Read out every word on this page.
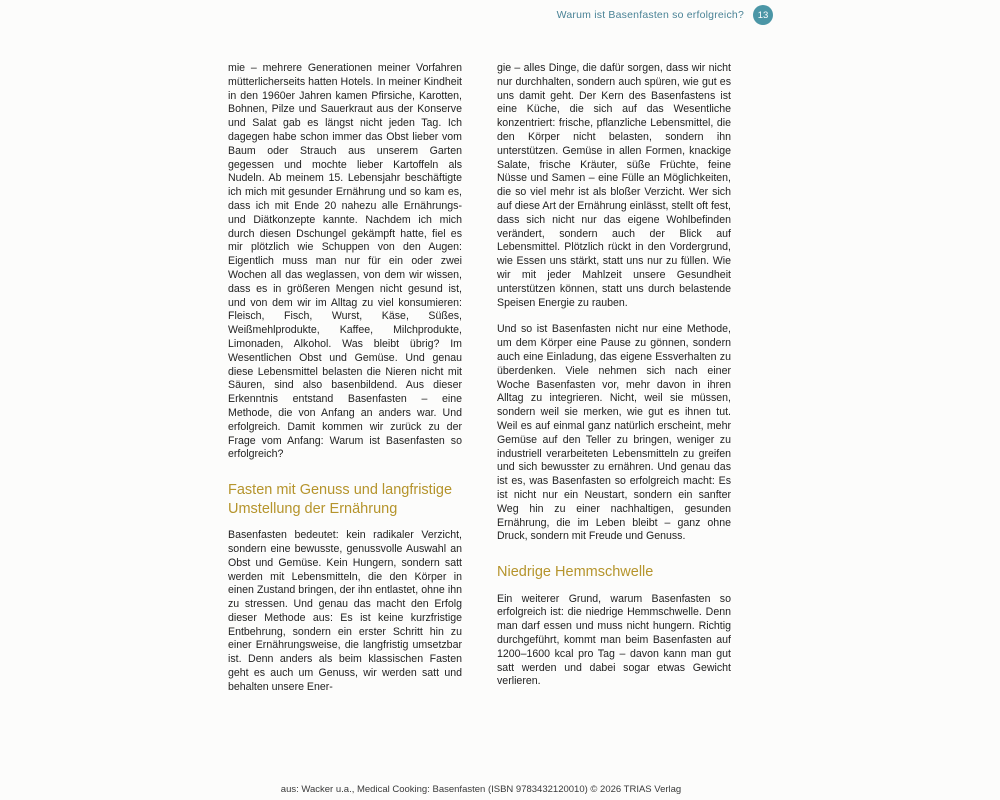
Warum ist Basenfasten so erfolgreich?	13

mie – mehrere Generationen meiner Vorfahren mütterlicherseits hatten Hotels. In meiner Kindheit in den 1960er Jahren kamen Pfirsiche, Karotten, Bohnen, Pilze und Sauerkraut aus der Konserve und Salat gab es längst nicht jeden Tag. Ich dagegen habe schon immer das Obst lieber vom Baum oder Strauch aus unserem Garten gegessen und mochte lieber Kartoffeln als Nudeln. Ab meinem 15. Lebensjahr beschäftigte ich mich mit gesunder Ernährung und so kam es, dass ich mit Ende 20 nahezu alle Ernährungs- und Diätkonzepte kannte. Nachdem ich mich durch diesen Dschungel gekämpft hatte, fiel es mir plötzlich wie Schuppen von den Augen: Eigentlich muss man nur für ein oder zwei Wochen all das weglassen, von dem wir wissen, dass es in größeren Mengen nicht gesund ist, und von dem wir im Alltag zu viel konsumieren: Fleisch, Fisch, Wurst, Käse, Süßes, Weißmehlprodukte, Kaffee, Milchprodukte, Limonaden, Alkohol. Was bleibt übrig? Im Wesentlichen Obst und Gemüse. Und genau diese Lebensmittel belasten die Nieren nicht mit Säuren, sind also basenbildend. Aus dieser Erkenntnis entstand Basenfasten – eine Methode, die von Anfang an anders war. Und erfolgreich. Damit kommen wir zurück zu der Frage vom Anfang: Warum ist Basenfasten so erfolgreich?

Fasten mit Genuss und langfristige Umstellung der Ernährung

Basenfasten bedeutet: kein radikaler Verzicht, sondern eine bewusste, genussvolle Auswahl an Obst und Gemüse. Kein Hungern, sondern satt werden mit Lebensmitteln, die den Körper in einen Zustand bringen, der ihn entlastet, ohne ihn zu stressen. Und genau das macht den Erfolg dieser Methode aus: Es ist keine kurzfristige Entbehrung, sondern ein erster Schritt hin zu einer Ernährungsweise, die langfristig umsetzbar ist. Denn anders als beim klassischen Fasten geht es auch um Genuss, wir werden satt und behalten unsere Ener-

gie – alles Dinge, die dafür sorgen, dass wir nicht nur durchhalten, sondern auch spüren, wie gut es uns damit geht. Der Kern des Basenfastens ist eine Küche, die sich auf das Wesentliche konzentriert: frische, pflanzliche Lebensmittel, die den Körper nicht belasten, sondern ihn unterstützen. Gemüse in allen Formen, knackige Salate, frische Kräuter, süße Früchte, feine Nüsse und Samen – eine Fülle an Möglichkeiten, die so viel mehr ist als bloßer Verzicht. Wer sich auf diese Art der Ernährung einlässt, stellt oft fest, dass sich nicht nur das eigene Wohlbefinden verändert, sondern auch der Blick auf Lebensmittel. Plötzlich rückt in den Vordergrund, wie Essen uns stärkt, statt uns nur zu füllen. Wie wir mit jeder Mahlzeit unsere Gesundheit unterstützen können, statt uns durch belastende Speisen Energie zu rauben.

Und so ist Basenfasten nicht nur eine Methode, um dem Körper eine Pause zu gönnen, sondern auch eine Einladung, das eigene Essverhalten zu überdenken. Viele nehmen sich nach einer Woche Basenfasten vor, mehr davon in ihren Alltag zu integrieren. Nicht, weil sie müssen, sondern weil sie merken, wie gut es ihnen tut. Weil es auf einmal ganz natürlich erscheint, mehr Gemüse auf den Teller zu bringen, weniger zu industriell verarbeiteten Lebensmitteln zu greifen und sich bewusster zu ernähren. Und genau das ist es, was Basenfasten so erfolgreich macht: Es ist nicht nur ein Neustart, sondern ein sanfter Weg hin zu einer nachhaltigen, gesunden Ernährung, die im Leben bleibt – ganz ohne Druck, sondern mit Freude und Genuss.

Niedrige Hemmschwelle

Ein weiterer Grund, warum Basenfasten so erfolgreich ist: die niedrige Hemmschwelle. Denn man darf essen und muss nicht hungern. Richtig durchgeführt, kommt man beim Basenfasten auf 1200–1600 kcal pro Tag – davon kann man gut satt werden und dabei sogar etwas Gewicht verlieren.

aus: Wacker u.a., Medical Cooking: Basenfasten (ISBN 9783432120010) © 2026 TRIAS Verlag
